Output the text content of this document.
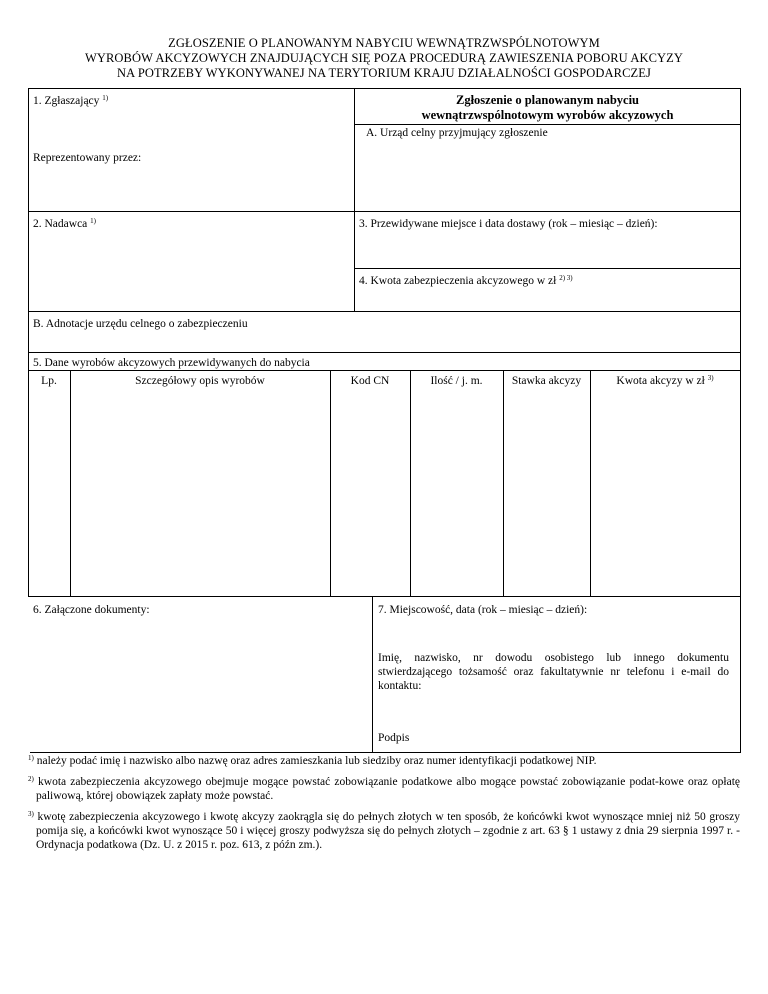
ZGŁOSZENIE O PLANOWANYM NABYCIU WEWNĄTRZWSPÓLNOTOWYM
WYROBÓW AKCYZOWYCH ZNAJDUJĄCYCH SIĘ POZA PROCEDURĄ ZAWIESZENIA POBORU AKCYZY
NA POTRZEBY WYKONYWANEJ NA TERYTORIUM KRAJU DZIAŁALNOŚCI GOSPODARCZEJ
1. Zgłaszający $^{1)}$
Reprezentowany przez:
Zgłoszenie o planowanym nabyciu
wewnątrzwspólnotowym wyrobów akcyzowych
A. Urząd celny przyjmujący zgłoszenie
2. Nadawca $^{1)}$	3. Przewidywane miejsce i data dostawy (rok – miesiąc – dzień):
4. Kwota zabezpieczenia akcyzowego w zł $^{2) 3)}$
B. Adnotacje urzędu celnego o zabezpieczeniu
5. Dane wyrobów akcyzowych przewidywanych do nabycia
Lp.	Szczegółowy opis wyrobów	Kod CN	Ilość / j. m.	Stawka akcyzy	Kwota akcyzy w zł $^{3)}$
6. Załączone dokumenty:	7. Miejscowość, data (rok – miesiąc – dzień):
Imię, nazwisko, nr dowodu osobistego lub innego dokumentu stwierdzającego tożsamość oraz fakultatywnie nr telefonu i e-mail do kontaktu:
Podpis
$^{1)}$ należy podać imię i nazwisko albo nazwę oraz adres zamieszkania lub siedziby oraz numer identyfikacji podatkowej NIP.
$^{2)}$ kwota zabezpieczenia akcyzowego obejmuje mogące powstać zobowiązanie podatkowe albo mogące powstać zobowiązanie podat-kowe oraz opłatę paliwową, której obowiązek zapłaty może powstać.
$^{3)}$ kwotę zabezpieczenia akcyzowego i kwotę akcyzy zaokrągla się do pełnych złotych w ten sposób, że końcówki kwot wynoszące mniej niż 50 groszy pomija się, a końcówki kwot wynoszące 50 i więcej groszy podwyższa się do pełnych złotych – zgodnie z art. 63 § 1 ustawy z dnia 29 sierpnia 1997 r. - Ordynacja podatkowa (Dz. U. z 2015 r. poz. 613, z późn zm.).
